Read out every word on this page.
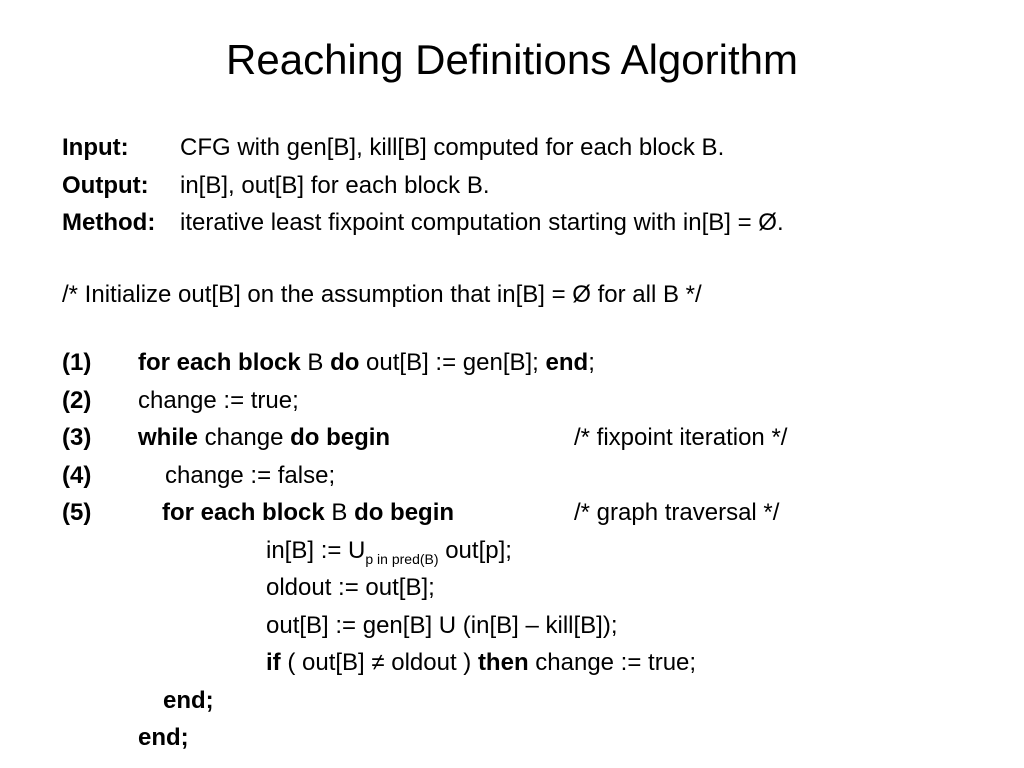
Reaching Definitions Algorithm
Input: CFG with gen[B], kill[B] computed for each block B.
Output: in[B], out[B] for each block B.
Method: iterative least fixpoint computation starting with in[B] = Ø.
/* Initialize out[B] on the assumption that in[B] = Ø for all B */
(1) for each block B do out[B] := gen[B]; end;
(2) change := true;
(3) while change do begin	/* fixpoint iteration */
(4)	change := false;
(5)	for each block B do begin	/* graph traversal */
in[B] := $U_{p in pred(B)}$ out[p];
oldout := out[B];
out[B] := gen[B] U (in[B] – kill[B]);
if ( out[B] ≠ oldout ) then change := true;
end;
end;
